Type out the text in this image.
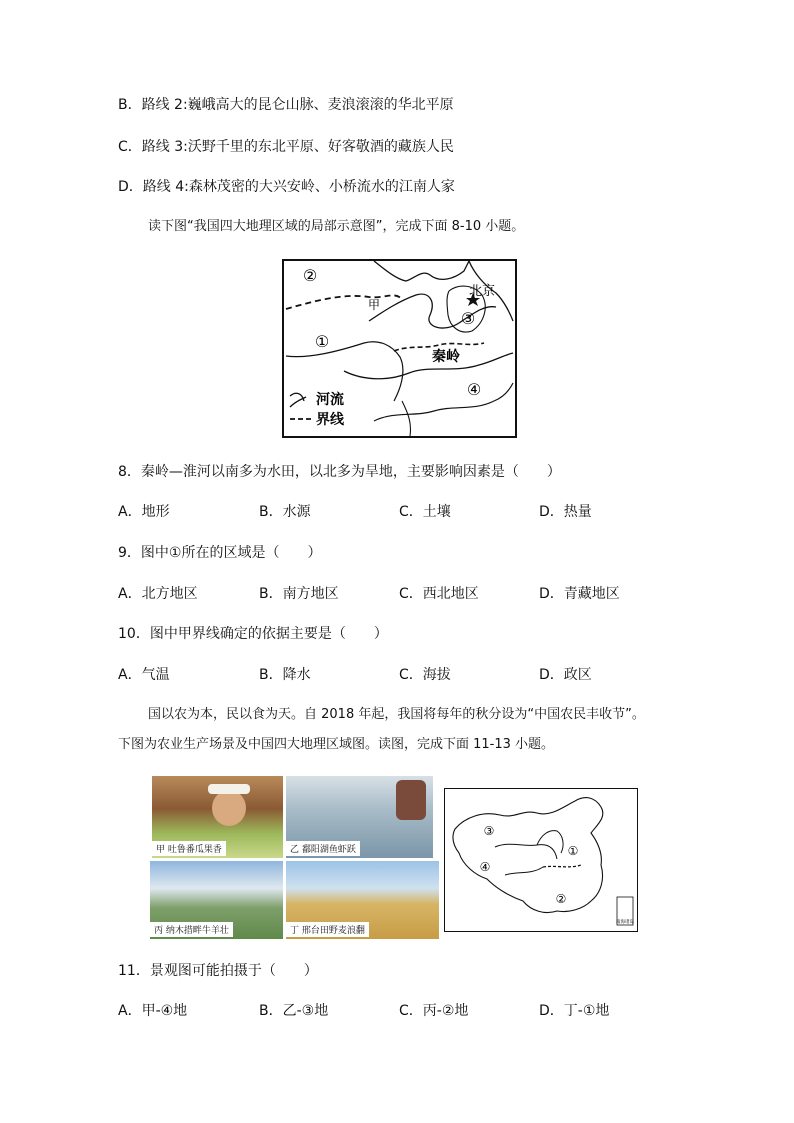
B．路线 2:巍峨高大的昆仑山脉、麦浪滚滚的华北平原
C．路线 3:沃野千里的东北平原、好客敬酒的藏族人民
D．路线 4:森林茂密的大兴安岭、小桥流水的江南人家
读下图“我国四大地理区域的局部示意图”，完成下面 8-10 小题。
②
①
③
④
甲
北京
秦岭
河流
界线
8．秦岭—淮河以南多为水田，以北多为旱地，主要影响因素是（　　）
A．地形	B．水源	C．土壤	D．热量
9．图中①所在的区域是（　　）
A．北方地区	B．南方地区	C．西北地区	D．青藏地区
10．图中甲界线确定的依据主要是（　　）
A．气温	B．降水	C．海拔	D．政区
国以农为本，民以食为天。自 2018 年起，我国将每年的秋分设为“中国农民丰收节”。
下图为农业生产场景及中国四大地理区域图。读图，完成下面 11-13 小题。
甲 吐鲁番瓜果香	乙 鄱阳湖鱼虾跃
丙 纳木措畔牛羊壮	丁 邢台田野麦浪翻
南海诸岛
③
④
①
②
11．景观图可能拍摄于（　　）
A．甲-④地	B．乙-③地	C．丙-②地	D．丁-①地
